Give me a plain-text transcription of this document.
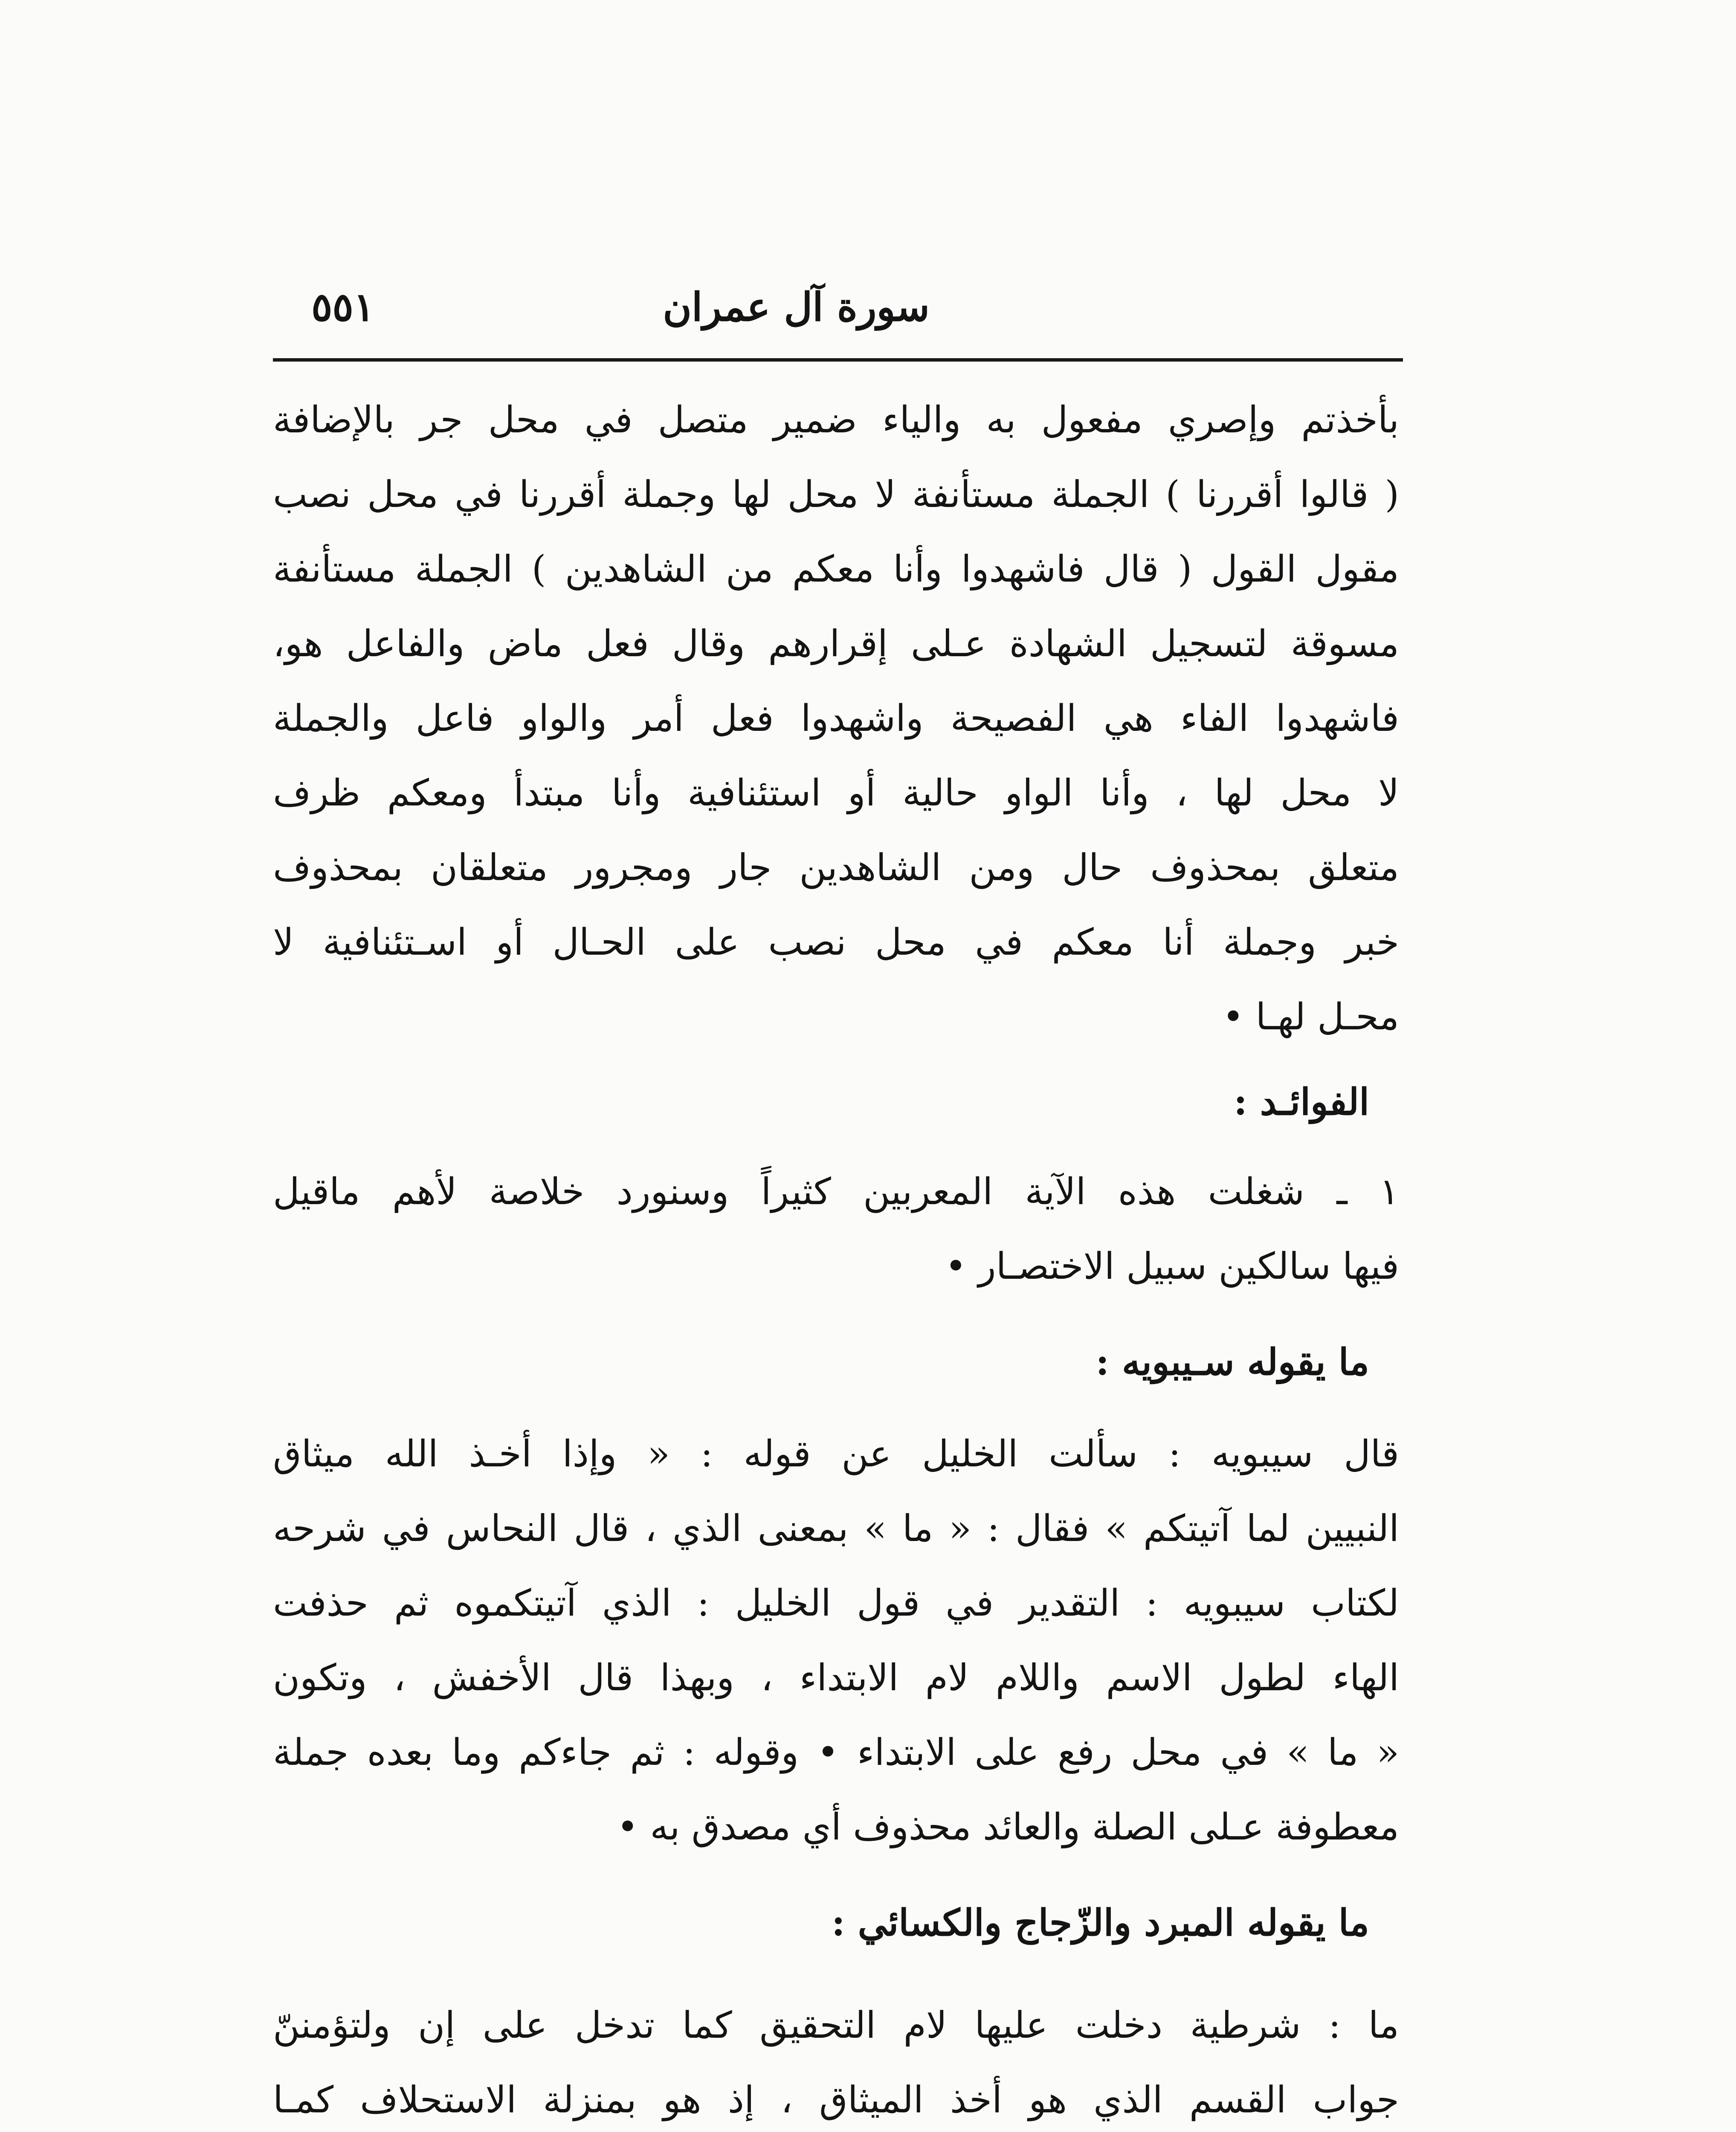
سورة آل عمران
٥٥١
بأخذتم وإصري مفعول به والياء ضمير متصل في محل جر بالإضافة
( قالوا أقررنا ) الجملة مستأنفة لا محل لها وجملة أقررنا في محل نصب
مقول القول ( قال فاشهدوا وأنا معكم من الشاهدين ) الجملة مستأنفة
مسوقة لتسجيل الشهادة عـلى إقرارهم وقال فعل ماض والفاعل هو،
فاشهدوا الفاء هي الفصيحة واشهدوا فعل أمر والواو فاعل والجملة
لا محل لها ، وأنا الواو حالية أو استئنافية وأنا مبتدأ ومعكم ظرف
متعلق بمحذوف حال ومن الشاهدين جار ومجرور متعلقان بمحذوف
خبر وجملة أنا معكم في محل نصب على الحـال أو اسـتئنافية لا
محـل لهـا •
الفوائـد :
١ ـ شغلت هذه الآية المعربين كثيراً وسنورد خلاصة لأهم ماقيل
فيها سالكين سبيل الاختصـار •
ما يقوله سـيبويه :
قال سيبويه : سألت الخليل عن قوله : « وإذا أخـذ الله ميثاق
النبيين لما آتيتكم » فقال : « ما » بمعنى الذي ، قال النحاس في شرحه
لكتاب سيبويه : التقدير في قول الخليل : الذي آتيتكموه ثم حذفت
الهاء لطول الاسم واللام لام الابتداء ، وبهذا قال الأخفش ، وتكون
« ما » في محل رفع على الابتداء • وقوله : ثم جاءكم وما بعده جملة
معطوفة عـلى الصلة والعائد محذوف أي مصدق به •
ما يقوله المبرد والزّجاج والكسائي :
ما : شرطية دخلت عليها لام التحقيق كما تدخل على إن ولتؤمننّ
جواب القسم الذي هو أخذ الميثاق ، إذ هو بمنزلة الاستحلاف كمـا
